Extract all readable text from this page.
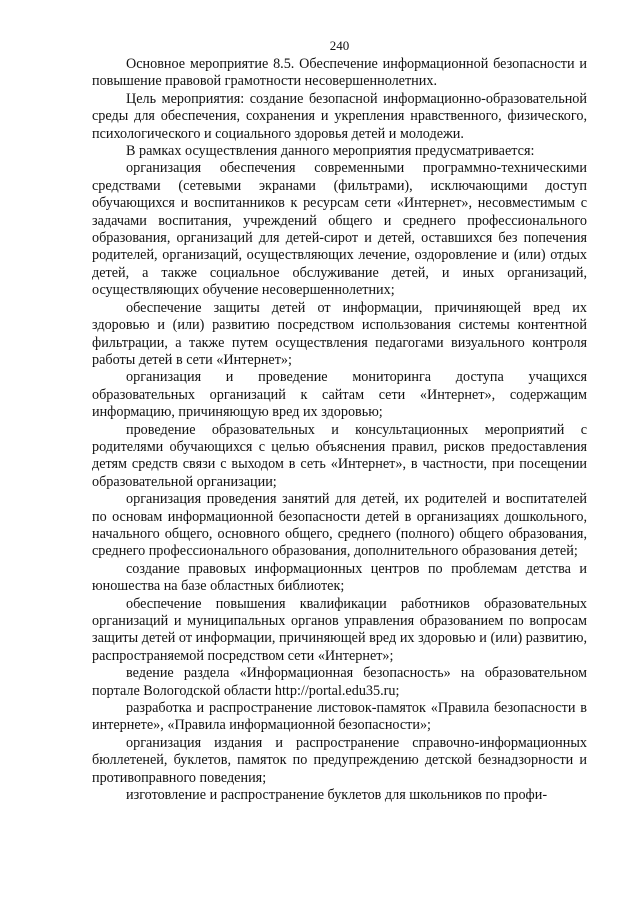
240

Основное мероприятие 8.5. Обеспечение информационной безопасности и повышение правовой грамотности несовершеннолетних.

Цель мероприятия: создание безопасной информационно-образовательной среды для обеспечения, сохранения и укрепления нравственного, физического, психологического и социального здоровья детей и молодежи.

В рамках осуществления данного мероприятия предусматривается:

организация обеспечения современными программно-техническими средствами (сетевыми экранами (фильтрами), исключающими доступ обучающихся и воспитанников к ресурсам сети «Интернет», несовместимым с задачами воспитания, учреждений общего и среднего профессионального образования, организаций для детей-сирот и детей, оставшихся без попечения родителей, организаций, осуществляющих лечение, оздоровление и (или) отдых детей, а также социальное обслуживание детей, и иных организаций, осуществляющих обучение несовершеннолетних;

обеспечение защиты детей от информации, причиняющей вред их здоровью и (или) развитию посредством использования системы контентной фильтрации, а также путем осуществления педагогами визуального контроля работы детей в сети «Интернет»;

организация и проведение мониторинга доступа учащихся образовательных организаций к сайтам сети «Интернет», содержащим информацию, причиняющую вред их здоровью;

проведение образовательных и консультационных мероприятий с родителями обучающихся с целью объяснения правил, рисков предоставления детям средств связи с выходом в сеть «Интернет», в частности, при посещении образовательной организации;

организация проведения занятий для детей, их родителей и воспитателей по основам информационной безопасности детей в организациях дошкольного, начального общего, основного общего, среднего (полного) общего образования, среднего профессионального образования, дополнительного образования детей;

создание правовых информационных центров по проблемам детства и юношества на базе областных библиотек;

обеспечение повышения квалификации работников образовательных организаций и муниципальных органов управления образованием по вопросам защиты детей от информации, причиняющей вред их здоровью и (или) развитию, распространяемой посредством сети «Интернет»;

ведение раздела «Информационная безопасность» на образовательном портале Вологодской области http://portal.edu35.ru;

разработка и распространение листовок-памяток «Правила безопасности в интернете», «Правила информационной безопасности»;

организация издания и распространение справочно-информационных бюллетеней, буклетов, памяток по предупреждению детской безнадзорности и противоправного поведения;

изготовление и распространение буклетов для школьников по профи-
